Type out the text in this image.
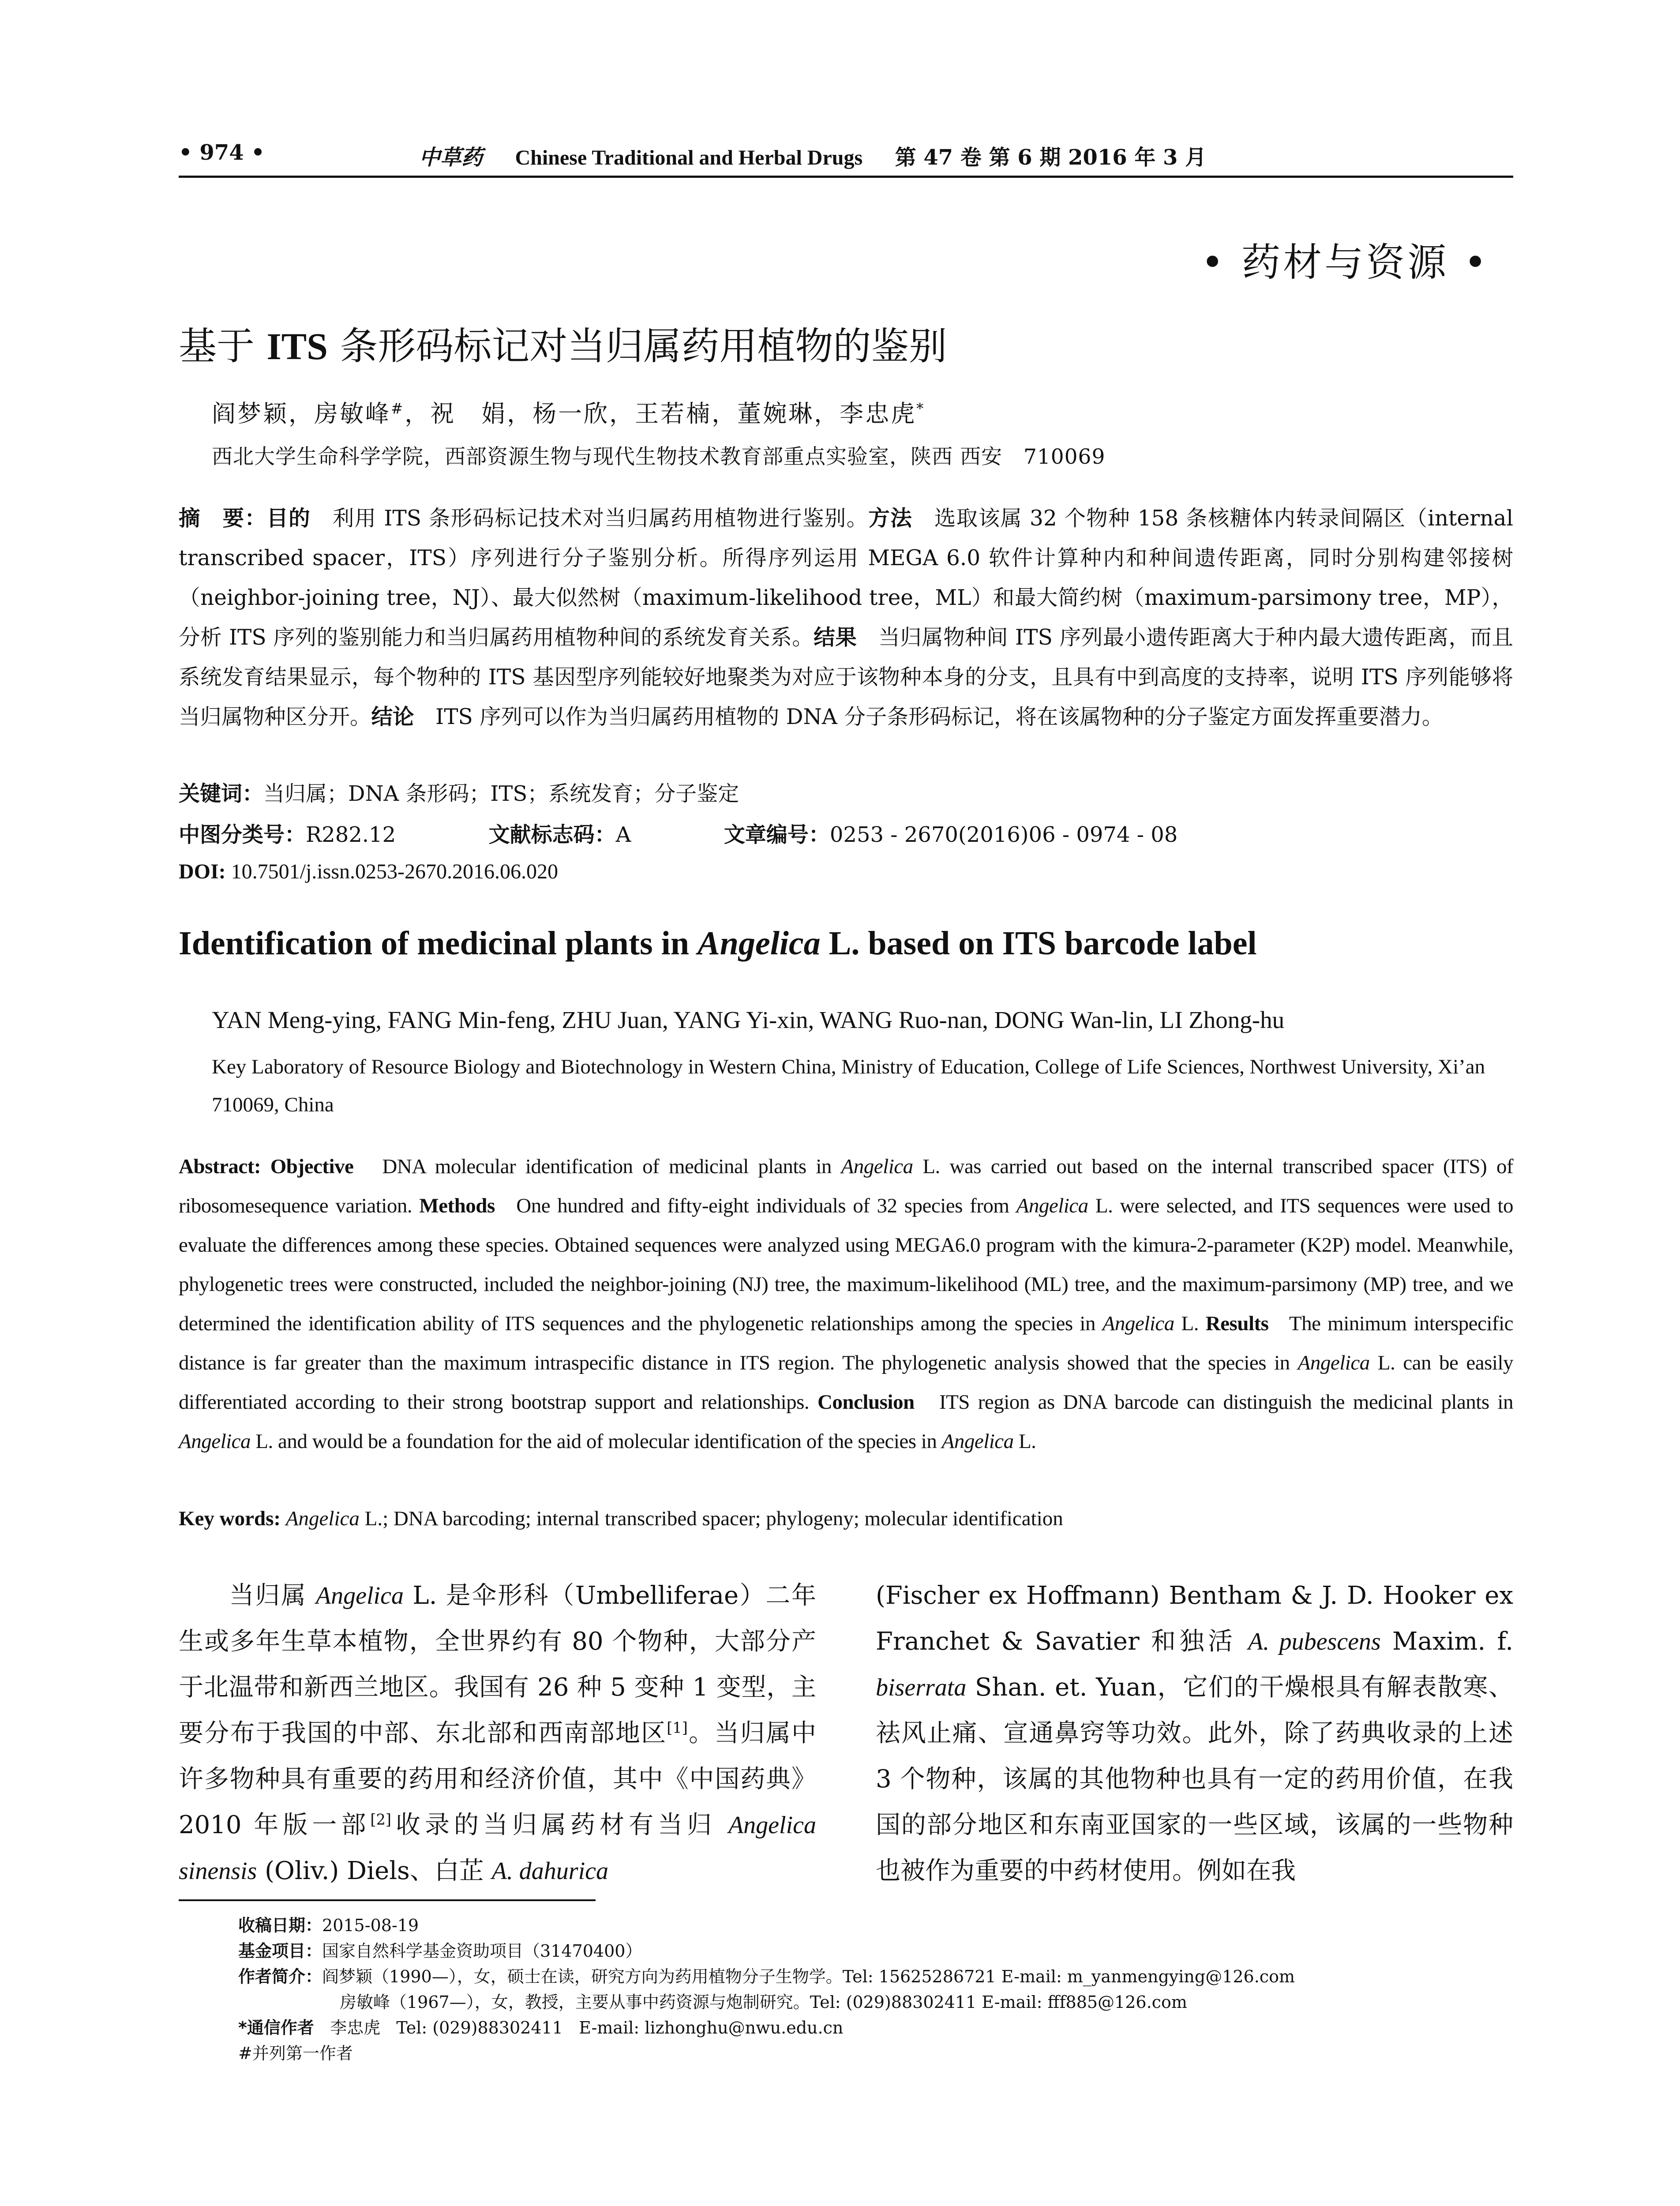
• 974 •	中草药 Chinese Traditional and Herbal Drugs 第 47 卷 第 6 期 2016 年 3 月
• 药材与资源 •
基于 ITS 条形码标记对当归属药用植物的鉴别
阎梦颖，房敏峰#，祝　娟，杨一欣，王若楠，董婉琳，李忠虎*
西北大学生命科学学院，西部资源生物与现代生物技术教育部重点实验室，陕西 西安　710069
摘　要：目的　利用 ITS 条形码标记技术对当归属药用植物进行鉴别。方法　选取该属 32 个物种 158 条核糖体内转录间隔区（internal transcribed spacer，ITS）序列进行分子鉴别分析。所得序列运用 MEGA 6.0 软件计算种内和种间遗传距离，同时分别构建邻接树（neighbor-joining tree，NJ）、最大似然树（maximum-likelihood tree，ML）和最大简约树（maximum-parsimony tree，MP），分析 ITS 序列的鉴别能力和当归属药用植物种间的系统发育关系。结果　当归属物种间 ITS 序列最小遗传距离大于种内最大遗传距离，而且系统发育结果显示，每个物种的 ITS 基因型序列能较好地聚类为对应于该物种本身的分支，且具有中到高度的支持率，说明 ITS 序列能够将当归属物种区分开。结论　ITS 序列可以作为当归属药用植物的 DNA 分子条形码标记，将在该属物种的分子鉴定方面发挥重要潜力。
关键词：当归属；DNA 条形码；ITS；系统发育；分子鉴定
中图分类号：R282.12	文献标志码：A	文章编号：0253 - 2670(2016)06 - 0974 - 08
DOI: 10.7501/j.issn.0253-2670.2016.06.020
Identification of medicinal plants in Angelica L. based on ITS barcode label
YAN Meng-ying, FANG Min-feng, ZHU Juan, YANG Yi-xin, WANG Ruo-nan, DONG Wan-lin, LI Zhong-hu
Key Laboratory of Resource Biology and Biotechnology in Western China, Ministry of Education, College of Life Sciences, Northwest University, Xi’an 710069, China
Abstract: Objective   DNA molecular identification of medicinal plants in Angelica L. was carried out based on the internal transcribed spacer (ITS) of ribosomesequence variation. Methods   One hundred and fifty-eight individuals of 32 species from Angelica L. were selected, and ITS sequences were used to evaluate the differences among these species. Obtained sequences were analyzed using MEGA6.0 program with the kimura-2-parameter (K2P) model. Meanwhile, phylogenetic trees were constructed, included the neighbor-joining (NJ) tree, the maximum-likelihood (ML) tree, and the maximum-parsimony (MP) tree, and we determined the identification ability of ITS sequences and the phylogenetic relationships among the species in Angelica L. Results   The minimum interspecific distance is far greater than the maximum intraspecific distance in ITS region. The phylogenetic analysis showed that the species in Angelica L. can be easily differentiated according to their strong bootstrap support and relationships. Conclusion   ITS region as DNA barcode can distinguish the medicinal plants in Angelica L. and would be a foundation for the aid of molecular identification of the species in Angelica L.
Key words: Angelica L.; DNA barcoding; internal transcribed spacer; phylogeny; molecular identification
当归属 Angelica L. 是伞形科（Umbelliferae）二年生或多年生草本植物，全世界约有 80 个物种，大部分产于北温带和新西兰地区。我国有 26 种 5 变种 1 变型，主要分布于我国的中部、东北部和西南部地区[1]。当归属中许多物种具有重要的药用和经济价值，其中《中国药典》2010 年版一部[2]收录的当归属药材有当归 Angelica sinensis (Oliv.) Diels、白芷 A. dahurica
(Fischer ex Hoffmann) Bentham & J. D. Hooker ex Franchet & Savatier 和独活 A. pubescens Maxim. f. biserrata Shan. et. Yuan，它们的干燥根具有解表散寒、祛风止痛、宣通鼻窍等功效。此外，除了药典收录的上述 3 个物种，该属的其他物种也具有一定的药用价值，在我国的部分地区和东南亚国家的一些区域，该属的一些物种也被作为重要的中药材使用。例如在我
收稿日期：2015-08-19
基金项目：国家自然科学基金资助项目（31470400）
作者简介：阎梦颖（1990—），女，硕士在读，研究方向为药用植物分子生物学。Tel: 15625286721 E-mail: m_yanmengying@126.com
房敏峰（1967—），女，教授，主要从事中药资源与炮制研究。Tel: (029)88302411 E-mail: fff885@126.com
*通信作者   李忠虎   Tel: (029)88302411   E-mail: lizhonghu@nwu.edu.cn
#并列第一作者
